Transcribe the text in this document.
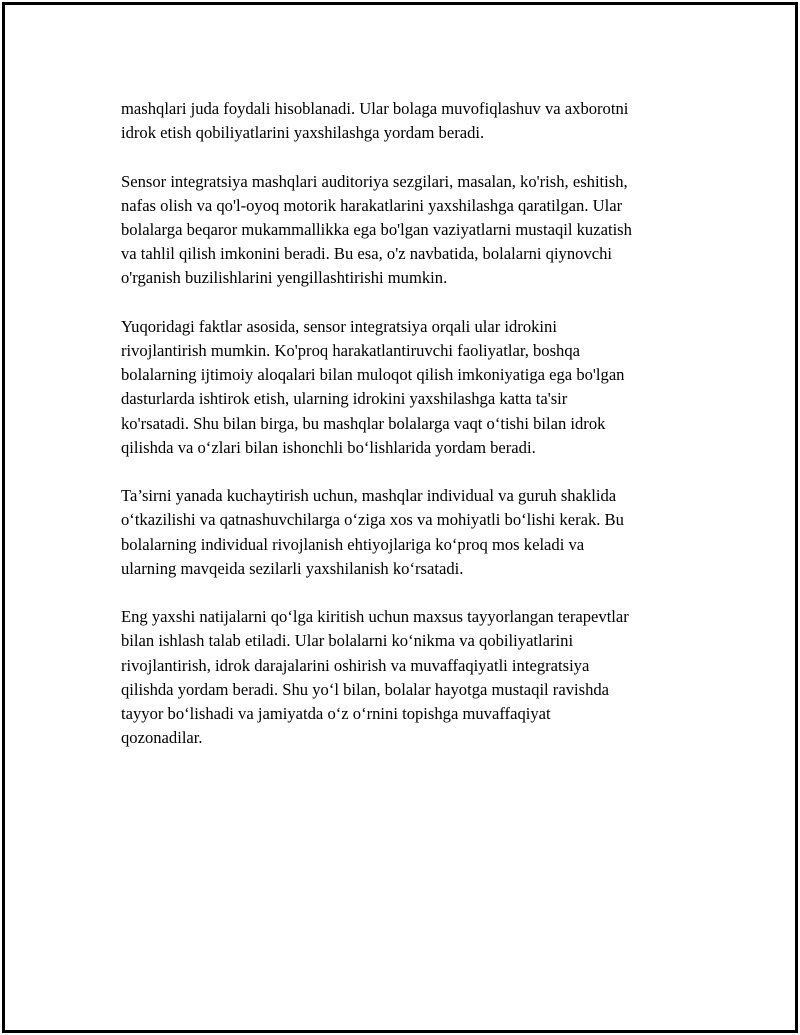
mashqlari juda foydali hisoblanadi. Ular bolaga muvofiqlashuv va axborotni
idrok etish qobiliyatlarini yaxshilashga yordam beradi.

Sensor integratsiya mashqlari auditoriya sezgilari, masalan, ko'rish, eshitish,
nafas olish va qo'l-oyoq motorik harakatlarini yaxshilashga qaratilgan. Ular
bolalarga beqaror mukammallikka ega bo'lgan vaziyatlarni mustaqil kuzatish
va tahlil qilish imkonini beradi. Bu esa, o'z navbatida, bolalarni qiynovchi
o'rganish buzilishlarini yengillashtirishi mumkin.

Yuqoridagi faktlar asosida, sensor integratsiya orqali ular idrokini
rivojlantirish mumkin. Ko'proq harakatlantiruvchi faoliyatlar, boshqa
bolalarning ijtimoiy aloqalari bilan muloqot qilish imkoniyatiga ega bo'lgan
dasturlarda ishtirok etish, ularning idrokini yaxshilashga katta ta'sir
ko'rsatadi. Shu bilan birga, bu mashqlar bolalarga vaqt o‘tishi bilan idrok
qilishda va o‘zlari bilan ishonchli bo‘lishlarida yordam beradi.

Ta’sirni yanada kuchaytirish uchun, mashqlar individual va guruh shaklida
o‘tkazilishi va qatnashuvchilarga o‘ziga xos va mohiyatli bo‘lishi kerak. Bu
bolalarning individual rivojlanish ehtiyojlariga ko‘proq mos keladi va
ularning mavqeida sezilarli yaxshilanish ko‘rsatadi.

Eng yaxshi natijalarni qo‘lga kiritish uchun maxsus tayyorlangan terapevtlar
bilan ishlash talab etiladi. Ular bolalarni ko‘nikma va qobiliyatlarini
rivojlantirish, idrok darajalarini oshirish va muvaffaqiyatli integratsiya
qilishda yordam beradi. Shu yo‘l bilan, bolalar hayotga mustaqil ravishda
tayyor bo‘lishadi va jamiyatda o‘z o‘rnini topishga muvaffaqiyat
qozonadilar.
